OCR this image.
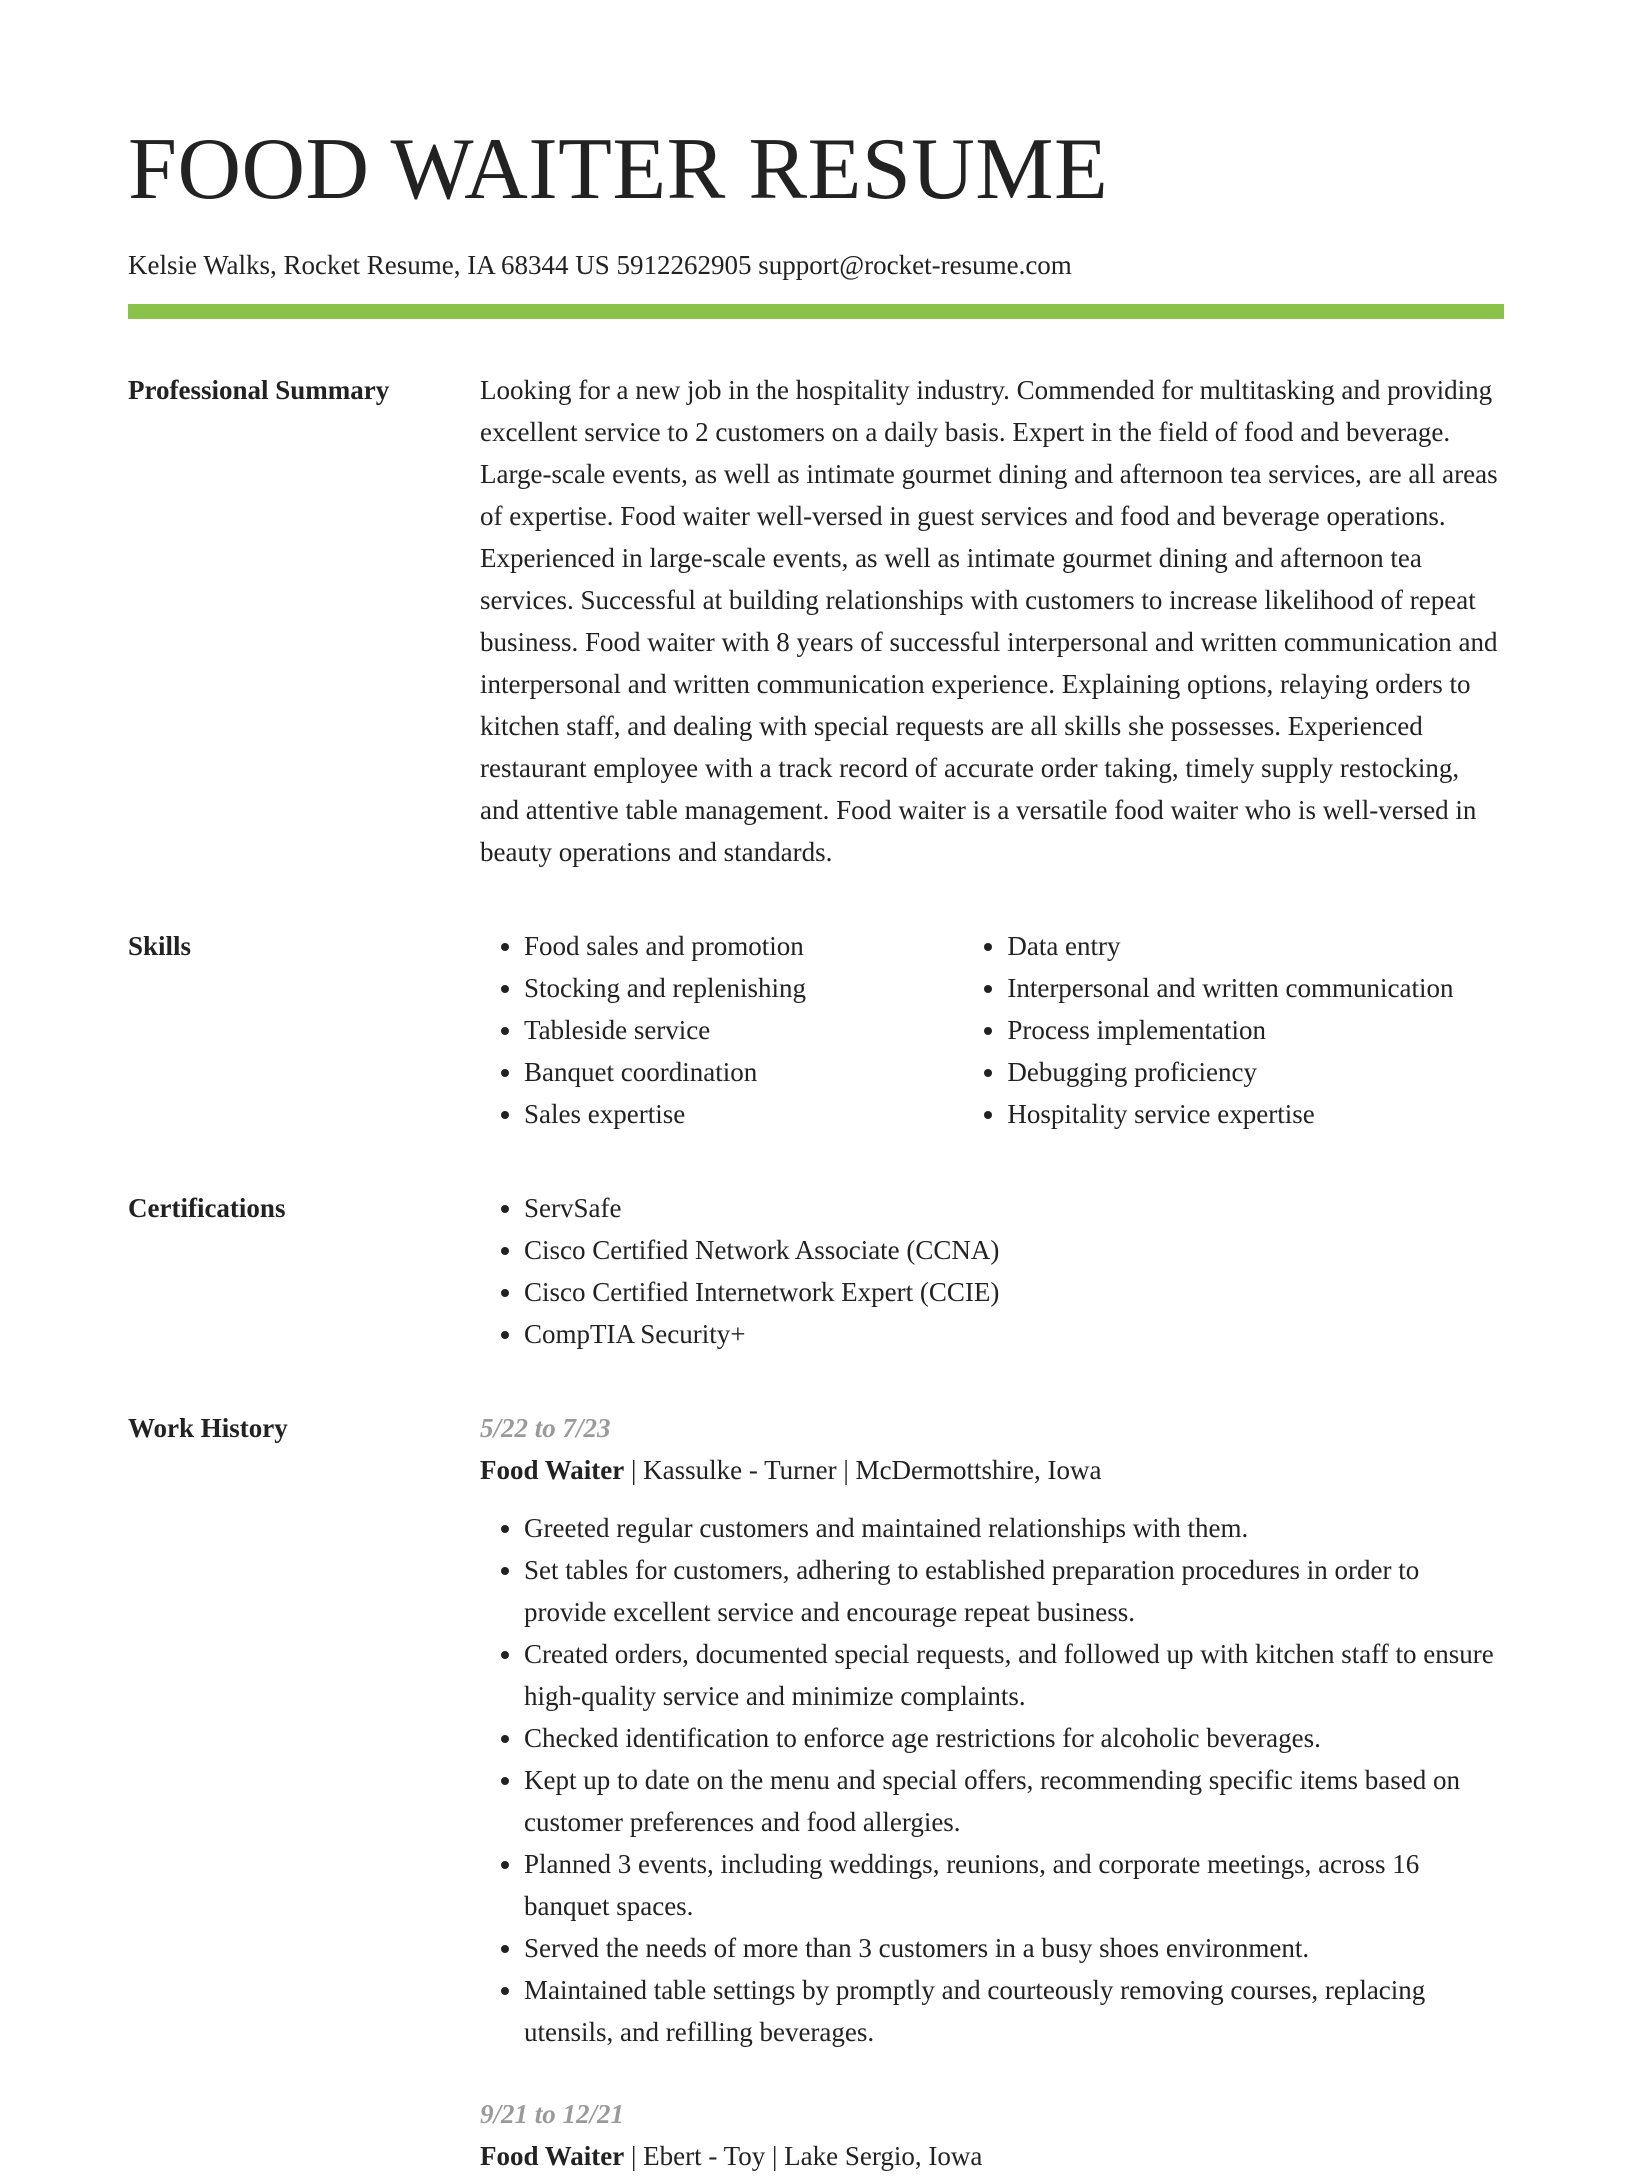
FOOD WAITER RESUME
Kelsie Walks, Rocket Resume, IA 68344 US 5912262905 support@rocket-resume.com
Professional Summary	Looking for a new job in the hospitality industry. Commended for multitasking and providing excellent service to 2 customers on a daily basis. Expert in the field of food and beverage. Large-scale events, as well as intimate gourmet dining and afternoon tea services, are all areas of expertise. Food waiter well-versed in guest services and food and beverage operations. Experienced in large-scale events, as well as intimate gourmet dining and afternoon tea services. Successful at building relationships with customers to increase likelihood of repeat business. Food waiter with 8 years of successful interpersonal and written communication and interpersonal and written communication experience. Explaining options, relaying orders to kitchen staff, and dealing with special requests are all skills she possesses. Experienced restaurant employee with a track record of accurate order taking, timely supply restocking, and attentive table management. Food waiter is a versatile food waiter who is well-versed in beauty operations and standards.

Skills	• Food sales and promotion
• Stocking and replenishing
• Tableside service
• Banquet coordination
• Sales expertise
• Data entry
• Interpersonal and written communication
• Process implementation
• Debugging proficiency
• Hospitality service expertise
Certifications	• ServSafe
• Cisco Certified Network Associate (CCNA)
• Cisco Certified Internetwork Expert (CCIE)
• CompTIA Security+
Work History	5/22 to 7/23
Food Waiter | Kassulke - Turner | McDermottshire, Iowa
• Greeted regular customers and maintained relationships with them.
• Set tables for customers, adhering to established preparation procedures in order to provide excellent service and encourage repeat business.
• Created orders, documented special requests, and followed up with kitchen staff to ensure high-quality service and minimize complaints.
• Checked identification to enforce age restrictions for alcoholic beverages.
• Kept up to date on the menu and special offers, recommending specific items based on customer preferences and food allergies.
• Planned 3 events, including weddings, reunions, and corporate meetings, across 16 banquet spaces.
• Served the needs of more than 3 customers in a busy shoes environment.
• Maintained table settings by promptly and courteously removing courses, replacing utensils, and refilling beverages.
9/21 to 12/21
Food Waiter | Ebert - Toy | Lake Sergio, Iowa
